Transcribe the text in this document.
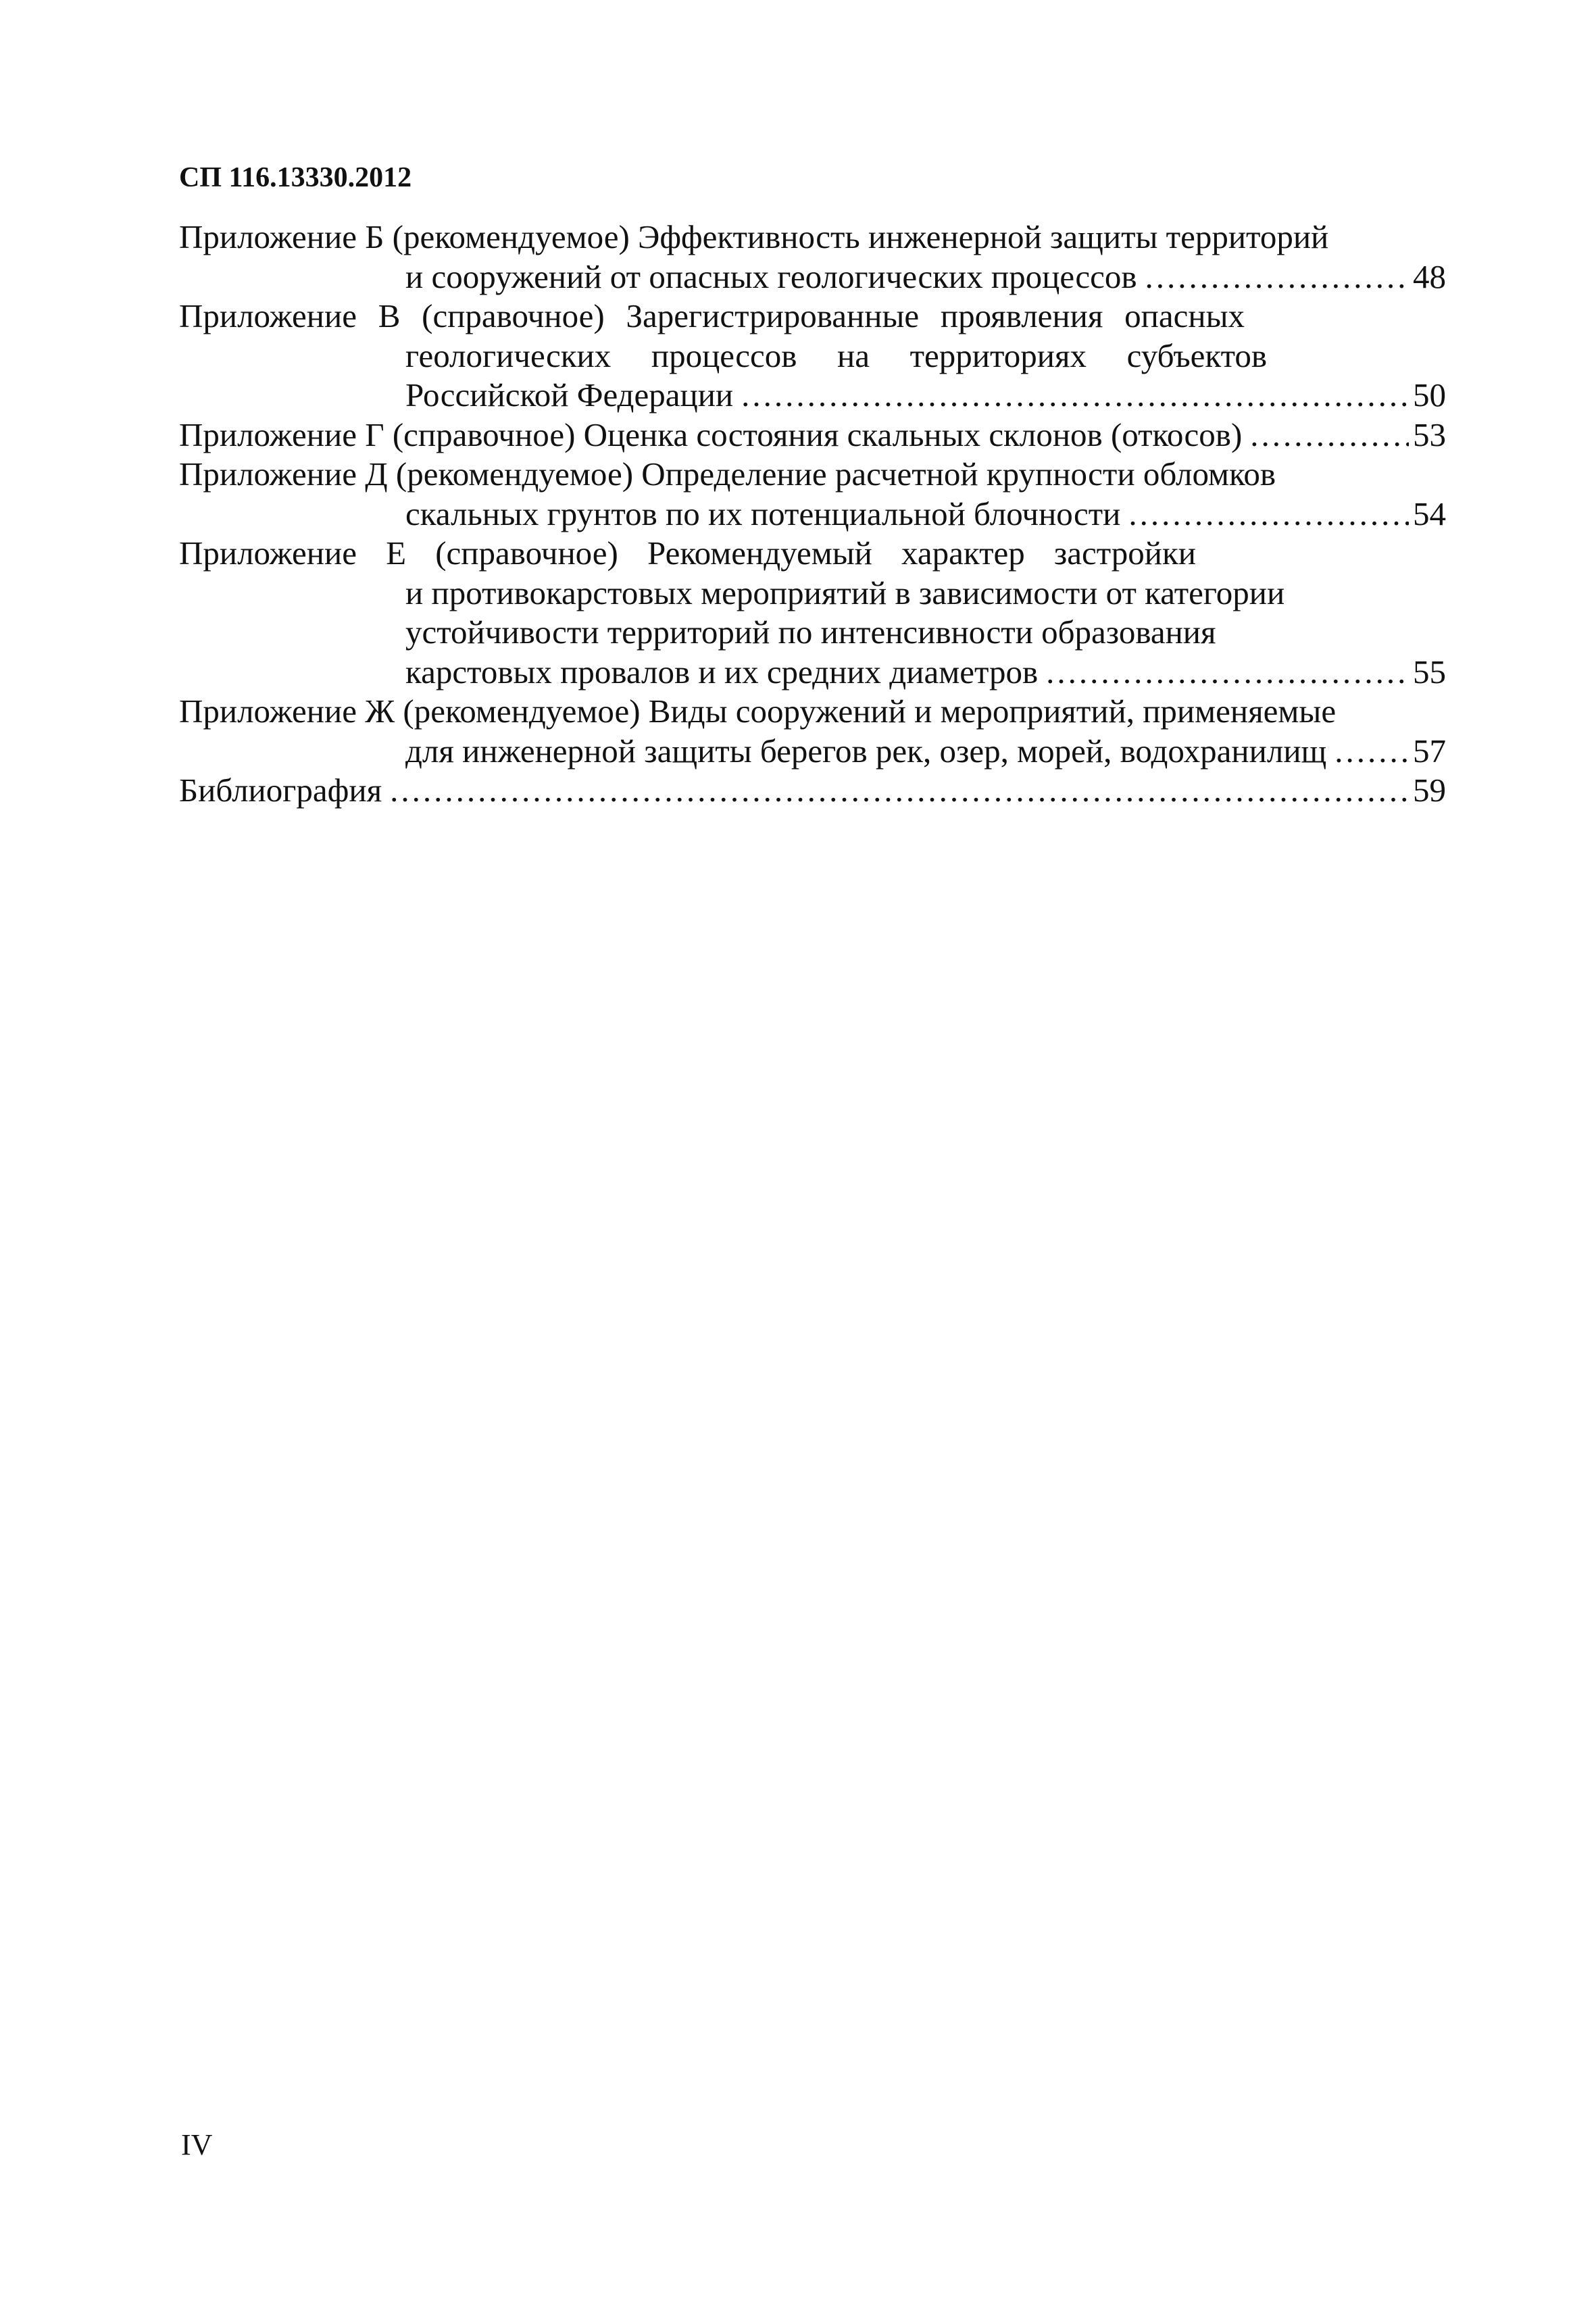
СП 116.13330.2012
Приложение Б (рекомендуемое) Эффективность инженерной защиты территорий
и сооружений от опасных геологических процессов .....	48
Приложение В (справочное) Зарегистрированные проявления опасных
геологических процессов на территориях субъектов
Российской Федерации .....	50
Приложение Г (справочное) Оценка состояния скальных склонов (откосов) .....	53
Приложение Д (рекомендуемое) Определение расчетной крупности обломков
скальных грунтов по их потенциальной блочности .....	54
Приложение Е (справочное) Рекомендуемый характер застройки
и противокарстовых мероприятий в зависимости от категории
устойчивости территорий по интенсивности образования
карстовых провалов и их средних диаметров .....	55
Приложение Ж (рекомендуемое) Виды сооружений и мероприятий, применяемые
для инженерной защиты берегов рек, озер, морей, водохранилищ .....	57
Библиография .....	59
IV
